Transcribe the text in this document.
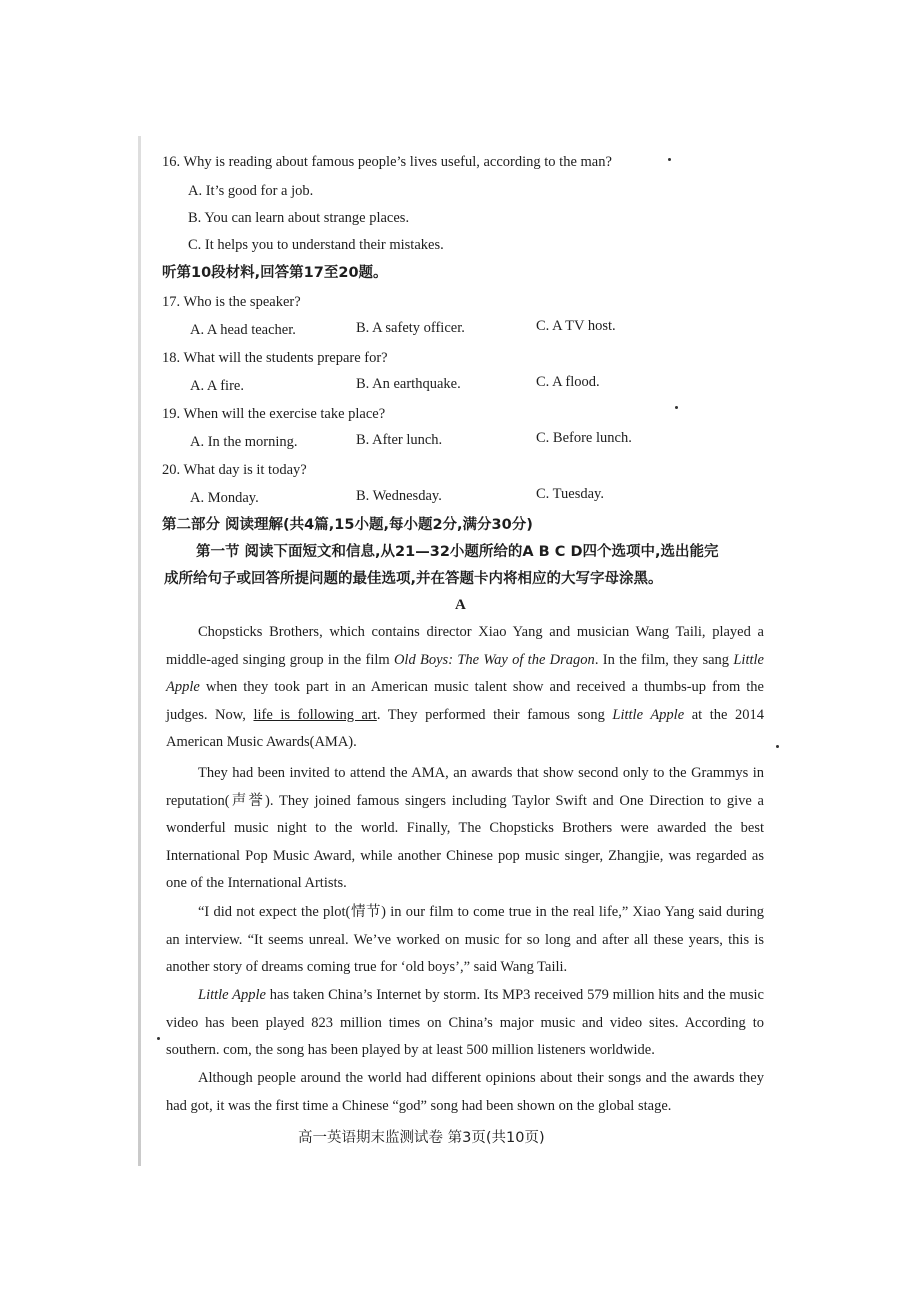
16. Why is reading about famous people’s lives useful, according to the man?
A. It’s good for a job.
B. You can learn about strange places.
C. It helps you to understand their mistakes.
听第10段材料,回答第17至20题。
17. Who is the speaker?
A. A head teacher.	B. A safety officer.	C. A TV host.
18. What will the students prepare for?
A. A fire.	B. An earthquake.	C. A flood.
19. When will the exercise take place?
A. In the morning.	B. After lunch.	C. Before lunch.
20. What day is it today?
A. Monday.	B. Wednesday.	C. Tuesday.
第二部分 阅读理解(共4篇,15小题,每小题2分,满分30分)
第一节 阅读下面短文和信息,从21—32小题所给的A B C D四个选项中,选出能完
成所给句子或回答所提问题的最佳选项,并在答题卡内将相应的大写字母涂黑。
A
Chopsticks Brothers, which contains director Xiao Yang and musician Wang Taili, played a middle-aged singing group in the film Old Boys: The Way of the Dragon. In the film, they sang Little Apple when they took part in an American music talent show and received a thumbs-up from the judges. Now, life is following art. They performed their famous song Little Apple at the 2014 American Music Awards(AMA).
They had been invited to attend the AMA, an awards that show second only to the Grammys in reputation(声誉). They joined famous singers including Taylor Swift and One Direction to give a wonderful music night to the world. Finally, The Chopsticks Brothers were awarded the best International Pop Music Award, while another Chinese pop music singer, Zhangjie, was regarded as one of the International Artists.
“I did not expect the plot(情节) in our film to come true in the real life,” Xiao Yang said during an interview. “It seems unreal. We’ve worked on music for so long and after all these years, this is another story of dreams coming true for ‘old boys’,” said Wang Taili.
Little Apple has taken China’s Internet by storm. Its MP3 received 579 million hits and the music video has been played 823 million times on China’s major music and video sites. According to southern. com, the song has been played by at least 500 million listeners worldwide.
Although people around the world had different opinions about their songs and the awards they had got, it was the first time a Chinese “god” song had been shown on the global stage.
高一英语期末监测试卷 第3页(共10页)
